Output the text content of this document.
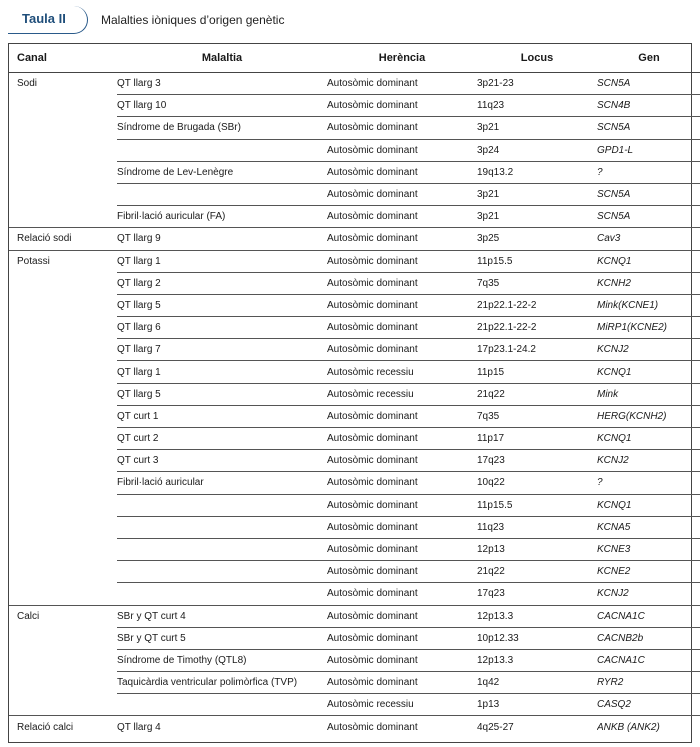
Taula II	Malalties iòniques d’origen genètic
Canal	Malaltia	Herència	Locus	Gen
Sodi	QT llarg 3	Autosòmic dominant	3p21-23	SCN5A
	QT llarg 10	Autosòmic dominant	11q23	SCN4B
	Síndrome de Brugada (SBr)	Autosòmic dominant	3p21	SCN5A
		Autosòmic dominant	3p24	GPD1-L
	Síndrome de Lev-Lenègre	Autosòmic dominant	19q13.2	?
		Autosòmic dominant	3p21	SCN5A
	Fibril·lació auricular (FA)	Autosòmic dominant	3p21	SCN5A
Relació sodi	QT llarg 9	Autosòmic dominant	3p25	Cav3
Potassi	QT llarg 1	Autosòmic dominant	11p15.5	KCNQ1
	QT llarg 2	Autosòmic dominant	7q35	KCNH2
	QT llarg 5	Autosòmic dominant	21p22.1-22-2	Mink(KCNE1)
	QT llarg 6	Autosòmic dominant	21p22.1-22-2	MiRP1(KCNE2)
	QT llarg 7	Autosòmic dominant	17p23.1-24.2	KCNJ2
	QT llarg 1	Autosòmic recessiu	11p15	KCNQ1
	QT llarg 5	Autosòmic recessiu	21q22	Mink
	QT curt 1	Autosòmic dominant	7q35	HERG(KCNH2)
	QT curt 2	Autosòmic dominant	11p17	KCNQ1
	QT curt 3	Autosòmic dominant	17q23	KCNJ2
	Fibril·lació auricular	Autosòmic dominant	10q22	?
		Autosòmic dominant	11p15.5	KCNQ1
		Autosòmic dominant	11q23	KCNA5
		Autosòmic dominant	12p13	KCNE3
		Autosòmic dominant	21q22	KCNE2
		Autosòmic dominant	17q23	KCNJ2
Calci	SBr y QT curt 4	Autosòmic dominant	12p13.3	CACNA1C
	SBr y QT curt 5	Autosòmic dominant	10p12.33	CACNB2b
	Síndrome de Timothy (QTL8)	Autosòmic dominant	12p13.3	CACNA1C
	Taquicàrdia ventricular polimòrfica (TVP)	Autosòmic dominant	1q42	RYR2
		Autosòmic recessiu	1p13	CASQ2
Relació calci	QT llarg 4	Autosòmic dominant	4q25-27	ANKB (ANK2)
